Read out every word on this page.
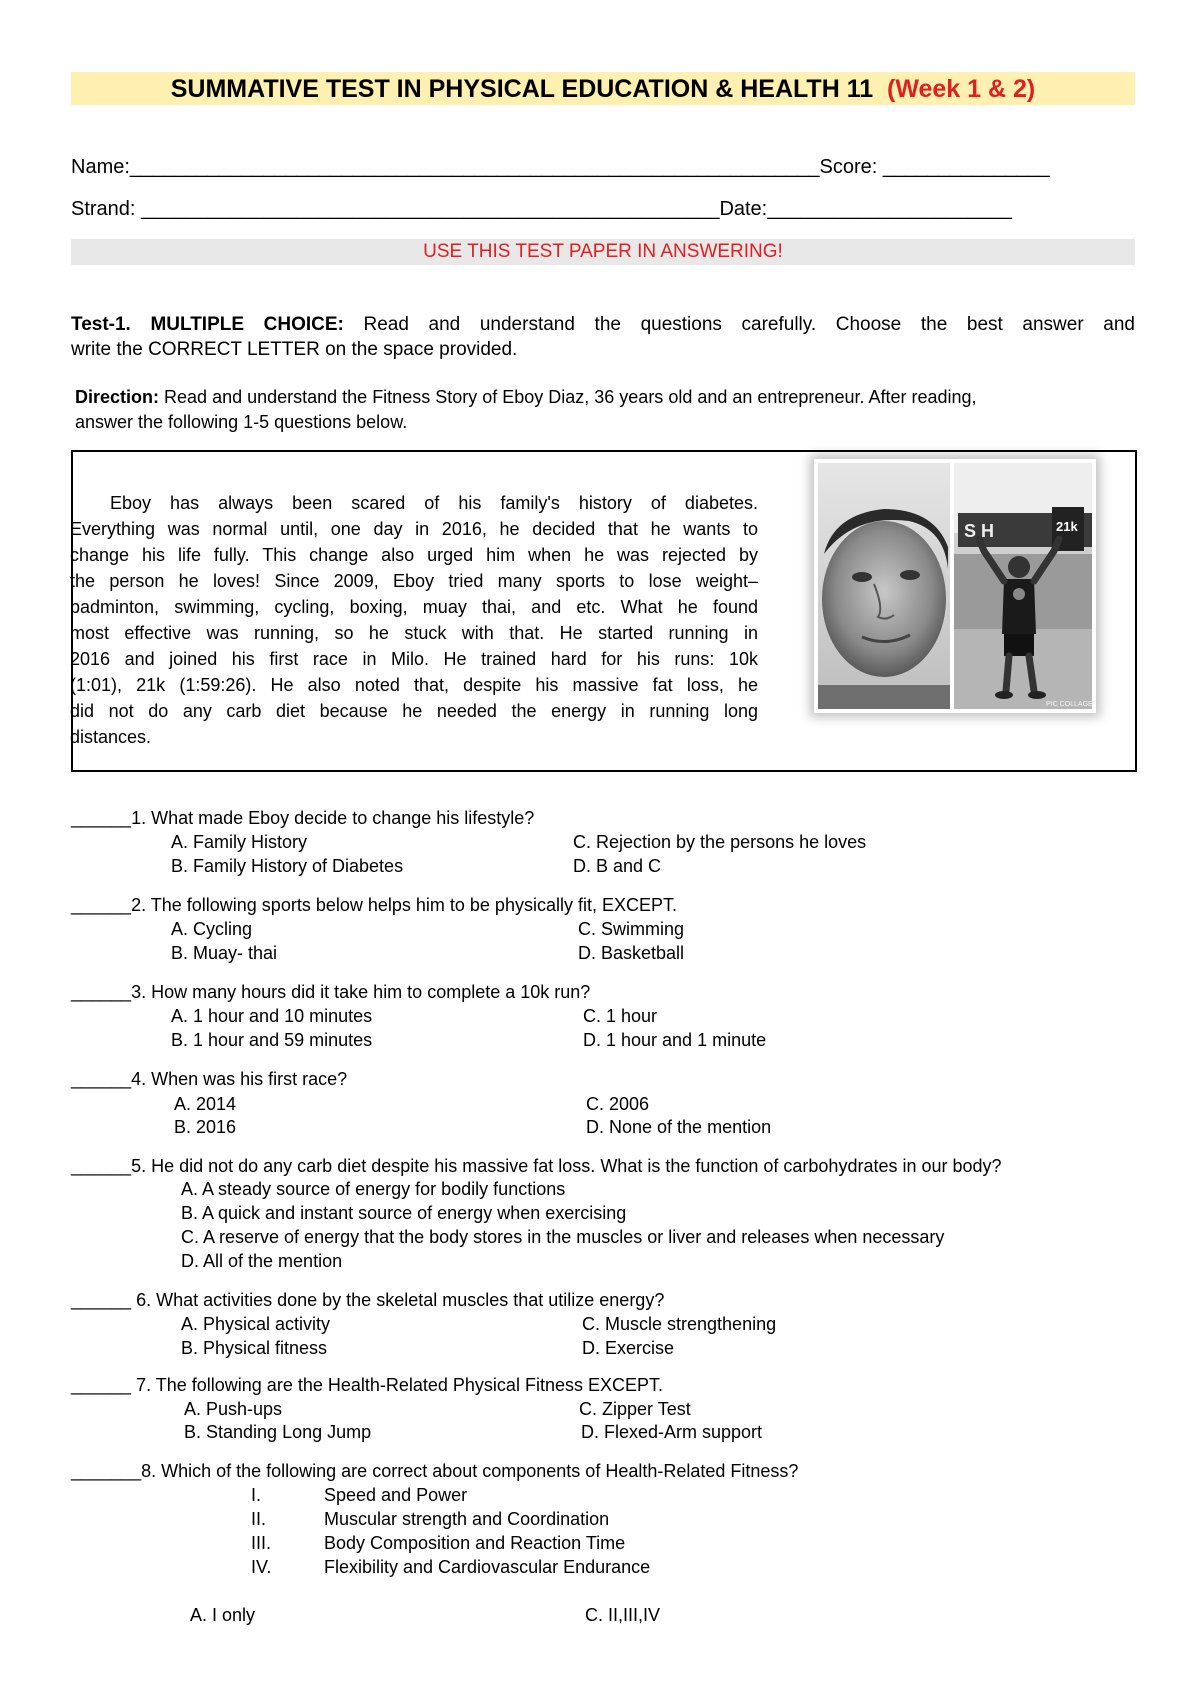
SUMMATIVE TEST IN PHYSICAL EDUCATION & HEALTH 11 (Week 1 & 2)
Name:______________________________________________________________Score: _______________
Strand: ____________________________________________________Date:______________________
USE THIS TEST PAPER IN ANSWERING!
Test-1. MULTIPLE CHOICE: Read and understand the questions carefully. Choose the best answer and
write the CORRECT LETTER on the space provided.
Direction: Read and understand the Fitness Story of Eboy Diaz, 36 years old and an entrepreneur. After reading,
answer the following 1-5 questions below.
Eboy has always been scared of his family's history of diabetes.
Everything was normal until, one day in 2016, he decided that he wants to
change his life fully. This change also urged him when he was rejected by
the person he loves! Since 2009, Eboy tried many sports to lose weight–
badminton, swimming, cycling, boxing, muay thai, and etc. What he found
most effective was running, so he stuck with that. He started running in
2016 and joined his first race in Milo. He trained hard for his runs: 10k
(1:01), 21k (1:59:26). He also noted that, despite his massive fat loss, he
did not do any carb diet because he needed the energy in running long
distances.
S H	21k
PIC COLLAGE
______1. What made Eboy decide to change his lifestyle?
A. Family History	C. Rejection by the persons he loves
B. Family History of Diabetes	D. B and C
______2. The following sports below helps him to be physically fit, EXCEPT.
A. Cycling	C. Swimming
B. Muay- thai	D. Basketball
______3. How many hours did it take him to complete a 10k run?
A. 1 hour and 10 minutes	C. 1 hour
B. 1 hour and 59 minutes	D. 1 hour and 1 minute
______4. When was his first race?
A. 2014	C. 2006
B. 2016	D. None of the mention
______5. He did not do any carb diet despite his massive fat loss. What is the function of carbohydrates in our body?
A. A steady source of energy for bodily functions
B. A quick and instant source of energy when exercising
C. A reserve of energy that the body stores in the muscles or liver and releases when necessary
D. All of the mention
______ 6. What activities done by the skeletal muscles that utilize energy?
A. Physical activity	C. Muscle strengthening
B. Physical fitness	D. Exercise
______ 7. The following are the Health-Related Physical Fitness EXCEPT.
A. Push-ups	C. Zipper Test
B. Standing Long Jump	D. Flexed-Arm support
_______8. Which of the following are correct about components of Health-Related Fitness?
I.	Speed and Power
II.	Muscular strength and Coordination
III.	Body Composition and Reaction Time
IV.	Flexibility and Cardiovascular Endurance
A. I only	C. II,III,IV
